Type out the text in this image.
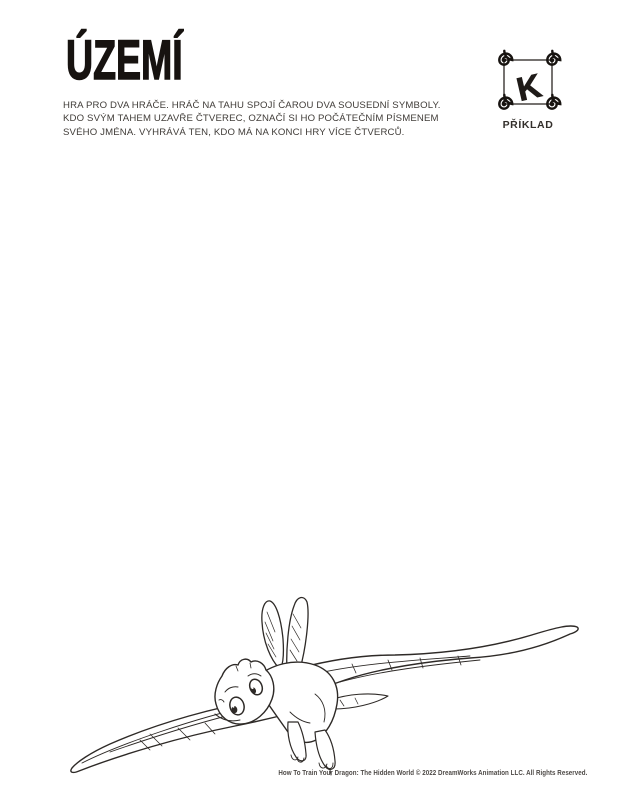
ÚZEMÍ
HRA PRO DVA HRÁČE. HRÁČ NA TAHU SPOJÍ ČAROU DVA SOUSEDNÍ SYMBOLY.
KDO SVÝM TAHEM UZAVŘE ČTVEREC, OZNAČÍ SI HO POČÁTEČNÍM PÍSMENEM
SVÉHO JMÉNA. VYHRÁVÁ TEN, KDO MÁ NA KONCI HRY VÍCE ČTVERCŮ.
K
PŘÍKLAD
How To Train Your Dragon: The Hidden World © 2022 DreamWorks Animation LLC. All Rights Reserved.
